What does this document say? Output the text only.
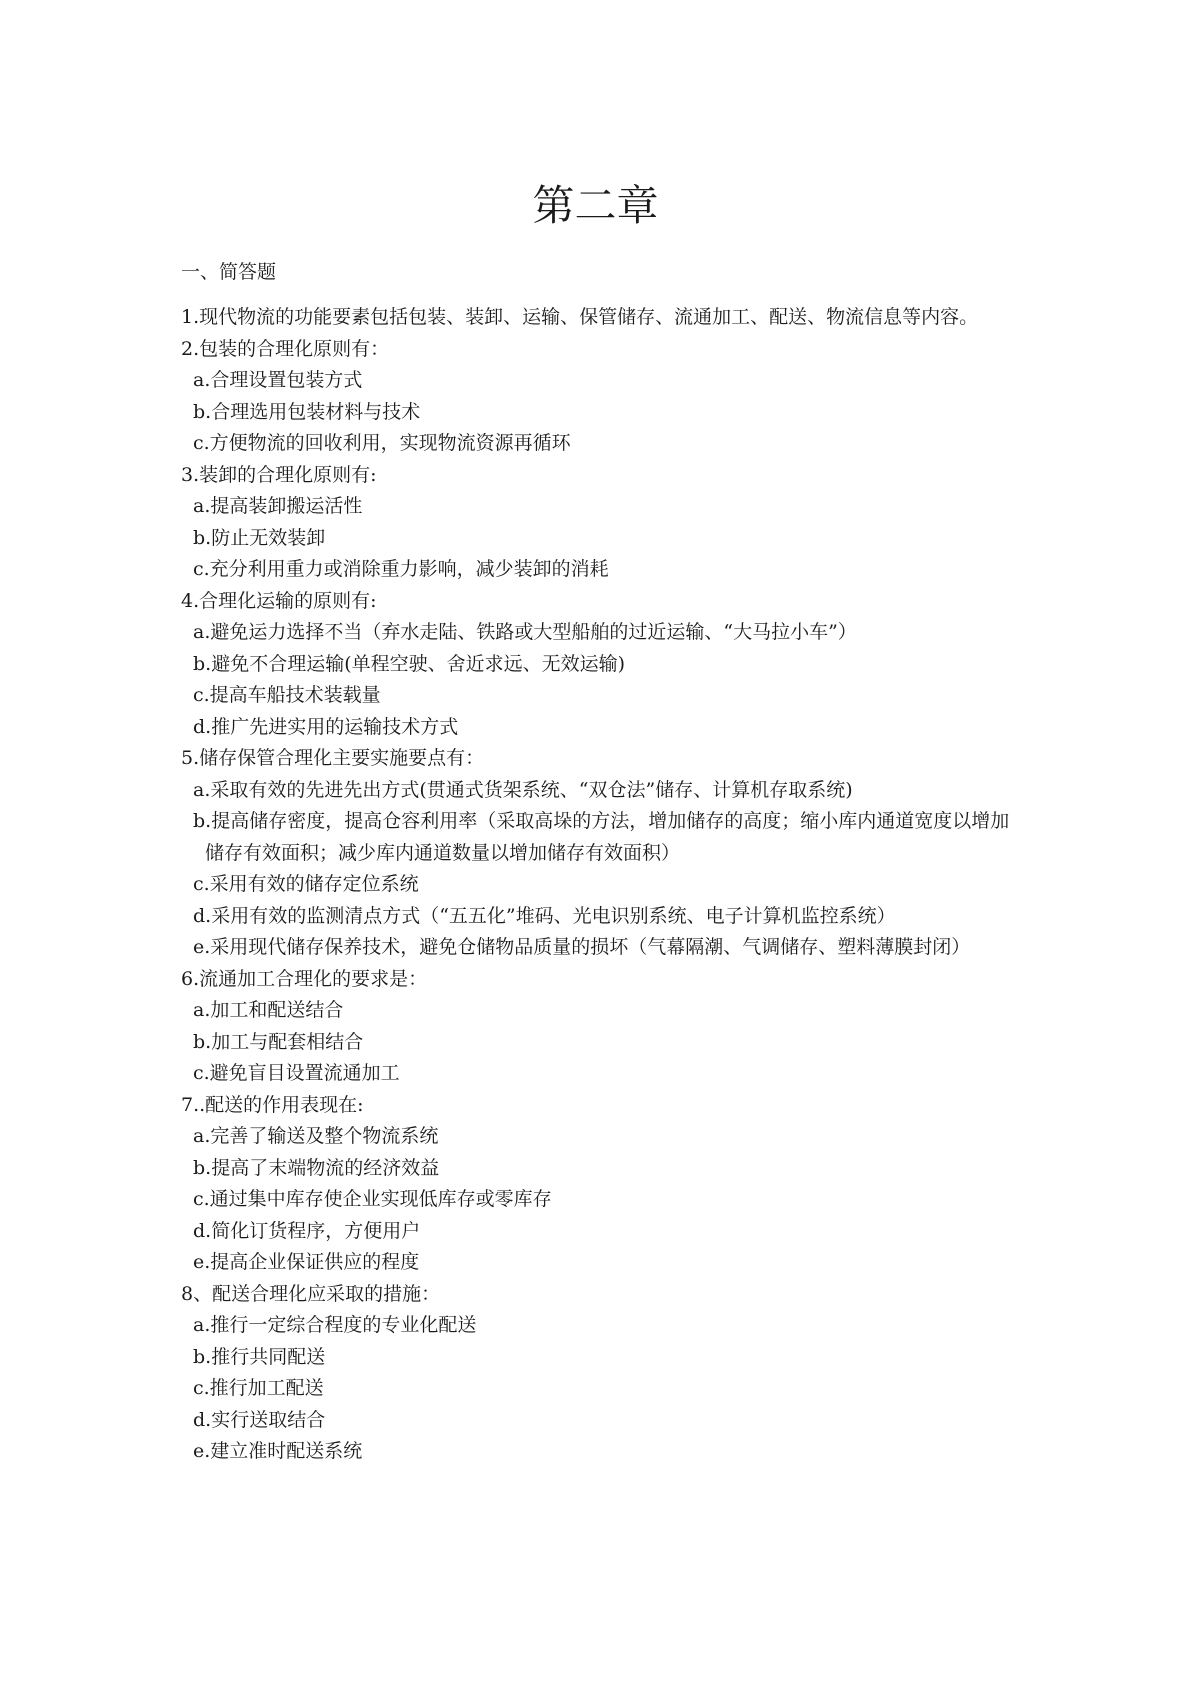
第二章
一、简答题
1.现代物流的功能要素包括包装、装卸、运输、保管储存、流通加工、配送、物流信息等内容。
2.包装的合理化原则有：
a.合理设置包装方式
b.合理选用包装材料与技术
c.方便物流的回收利用，实现物流资源再循环
3.装卸的合理化原则有:
a.提高装卸搬运活性
b.防止无效装卸
c.充分利用重力或消除重力影响，减少装卸的消耗
4.合理化运输的原则有:
a.避免运力选择不当（弃水走陆、铁路或大型船舶的过近运输、“大马拉小车”）
b.避免不合理运输(单程空驶、舍近求远、无效运输)
c.提高车船技术装载量
d.推广先进实用的运输技术方式
5.储存保管合理化主要实施要点有：
a.采取有效的先进先出方式(贯通式货架系统、“双仓法”储存、计算机存取系统)
b.提高储存密度，提高仓容利用率（采取高垛的方法，增加储存的高度；缩小库内通道宽度以增加储存有效面积；减少库内通道数量以增加储存有效面积）
c.采用有效的储存定位系统
d.采用有效的监测清点方式（“五五化”堆码、光电识别系统、电子计算机监控系统）
e.采用现代储存保养技术，避免仓储物品质量的损坏（气幕隔潮、气调储存、塑料薄膜封闭）
6.流通加工合理化的要求是：
a.加工和配送结合
b.加工与配套相结合
c.避免盲目设置流通加工
7..配送的作用表现在:
a.完善了输送及整个物流系统
b.提高了末端物流的经济效益
c.通过集中库存使企业实现低库存或零库存
d.简化订货程序，方便用户
e.提高企业保证供应的程度
8、配送合理化应采取的措施：
a.推行一定综合程度的专业化配送
b.推行共同配送
c.推行加工配送
d.实行送取结合
e.建立准时配送系统
